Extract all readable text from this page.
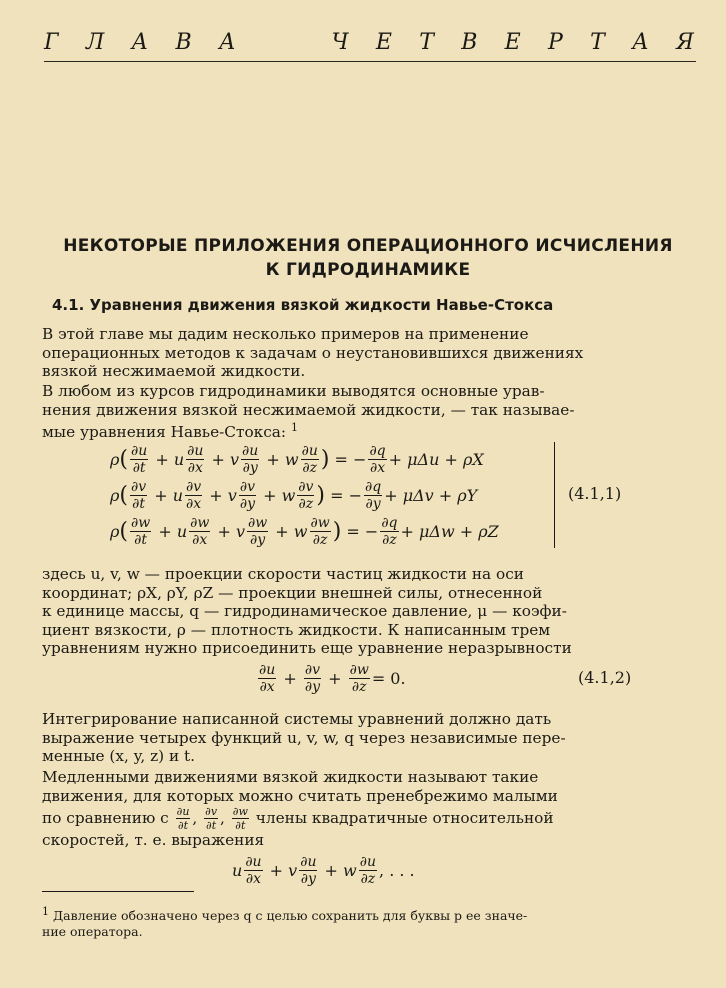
Г Л А В А

	Ч Е Т В Е Р Т А Я
НЕКОТОРЫЕ ПРИЛОЖЕНИЯ ОПЕРАЦИОННОГО ИСЧИСЛЕНИЯ
К ГИДРОДИНАМИКЕ
4.1. Уравнения движения вязкой жидкости Навье-Стокса
В этой главе мы дадим несколько примеров на применение
операционных методов к задачам о неустановившихся движениях
вязкой несжимаемой жидкости.
В любом из курсов гидродинамики выводятся основные урав-
нения движения вязкой несжимаемой жидкости, — так называе-
мые уравнения Навье-Стокса: $^1$
ρ ( $\frac{\partial u}{\partial t} + u \frac{\partial u}{\partial x} + v \frac{\partial u}{\partial y} + w \frac{\partial u}{\partial z}$ ) = − $\frac{\partial q}{\partial x} + \mu\Delta u + \rho X$
ρ ( $\frac{\partial v}{\partial t} + u \frac{\partial v}{\partial x} + v \frac{\partial v}{\partial y} + w \frac{\partial v}{\partial z}$ ) = − $\frac{\partial q}{\partial y} + \mu\Delta v + \rho Y$
ρ ( $\frac{\partial w}{\partial t} + u \frac{\partial w}{\partial x} + v \frac{\partial w}{\partial y} + w \frac{\partial w}{\partial z}$ ) = − $\frac{\partial q}{\partial z} + \mu\Delta w + \rho Z$
(4.1,1)
здесь u, v, w — проекции скорости частиц жидкости на оси
координат; ρX, ρY, ρZ — проекции внешней силы, отнесенной
к единице массы, q — гидродинамическое давление, μ — коэфи-
циент вязкости, ρ — плотность жидкости. К написанным трем
уравнениям нужно присоединить еще уравнение неразрывности
$\frac{\partial u}{\partial x} + \frac{\partial v}{\partial y} + \frac{\partial w}{\partial z} = 0$.	(4.1,2)
Интегрирование написанной системы уравнений должно дать
выражение четырех функций u, v, w, q через независимые пере-
менные (x, y, z) и t.
Медленными движениями вязкой жидкости называют такие
движения, для которых можно считать пренебрежимо малыми
по сравнению с
$\frac{\partial u}{\partial t}$ , $\frac{\partial v}{\partial t}$ , $\frac{\partial w}{\partial t}$
члены квадратичные относительной
скоростей, т. е. выражения
u $\frac{\partial u}{\partial x} + v \frac{\partial u}{\partial y} + w \frac{\partial u}{\partial z}$ , . . .
1 Давление обозначено через q с целью сохранить для буквы p ее значе-
ние оператора.
